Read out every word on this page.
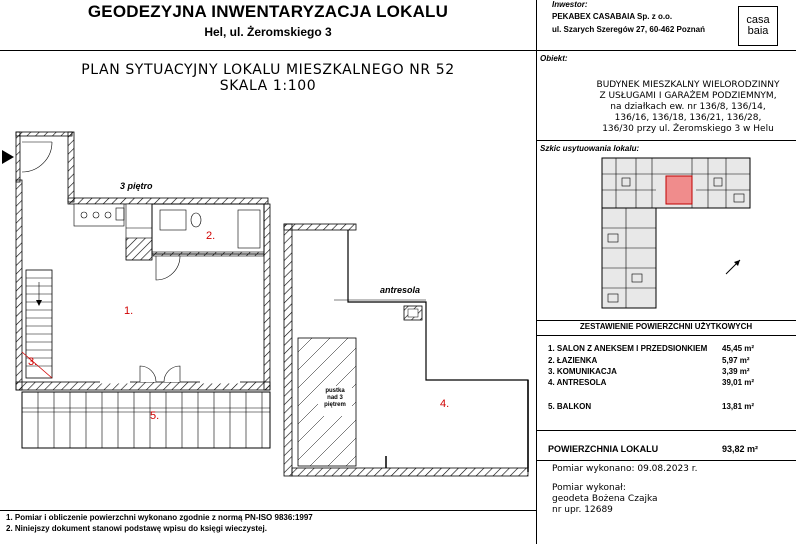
GEODEZYJNA INWENTARYZACJA LOKALU
Hel, ul. Żeromskiego 3
PLAN SYTUACYJNY LOKALU MIESZKALNEGO NR 52
SKALA 1:100
3 piętro
antresola
1.
2.
3.
4.
5.
pustka
nad 3
piętrem
1. Pomiar i obliczenie powierzchni wykonano zgodnie z normą PN-ISO 9836:1997
2. Niniejszy dokument stanowi podstawę wpisu do księgi wieczystej.
Inwestor:
PEKABEX CASABAIA Sp. z o.o.
ul. Szarych Szeregów 27, 60-462 Poznań
casa
baia
Obiekt:
BUDYNEK MIESZKALNY WIELORODZINNY
Z USŁUGAMI I GARAŻEM PODZIEMNYM,
na działkach ew. nr 136/8, 136/14,
136/16, 136/18, 136/21, 136/28,
136/30 przy ul. Żeromskiego 3 w Helu
Szkic usytuowania lokalu:
ZESTAWIENIE POWIERZCHNI UŻYTKOWYCH
1. SALON Z ANEKSEM I PRZEDSIONKIEM 45,45 m²
2. ŁAZIENKA	5,97 m²
3. KOMUNIKACJA	3,39 m²
4. ANTRESOLA	39,01 m²
5. BALKON	13,81 m²
POWIERZCHNIA LOKALU	93,82 m²
Pomiar wykonano: 09.08.2023 r.
Pomiar wykonał:
geodeta Bożena Czajka
nr upr. 12689
